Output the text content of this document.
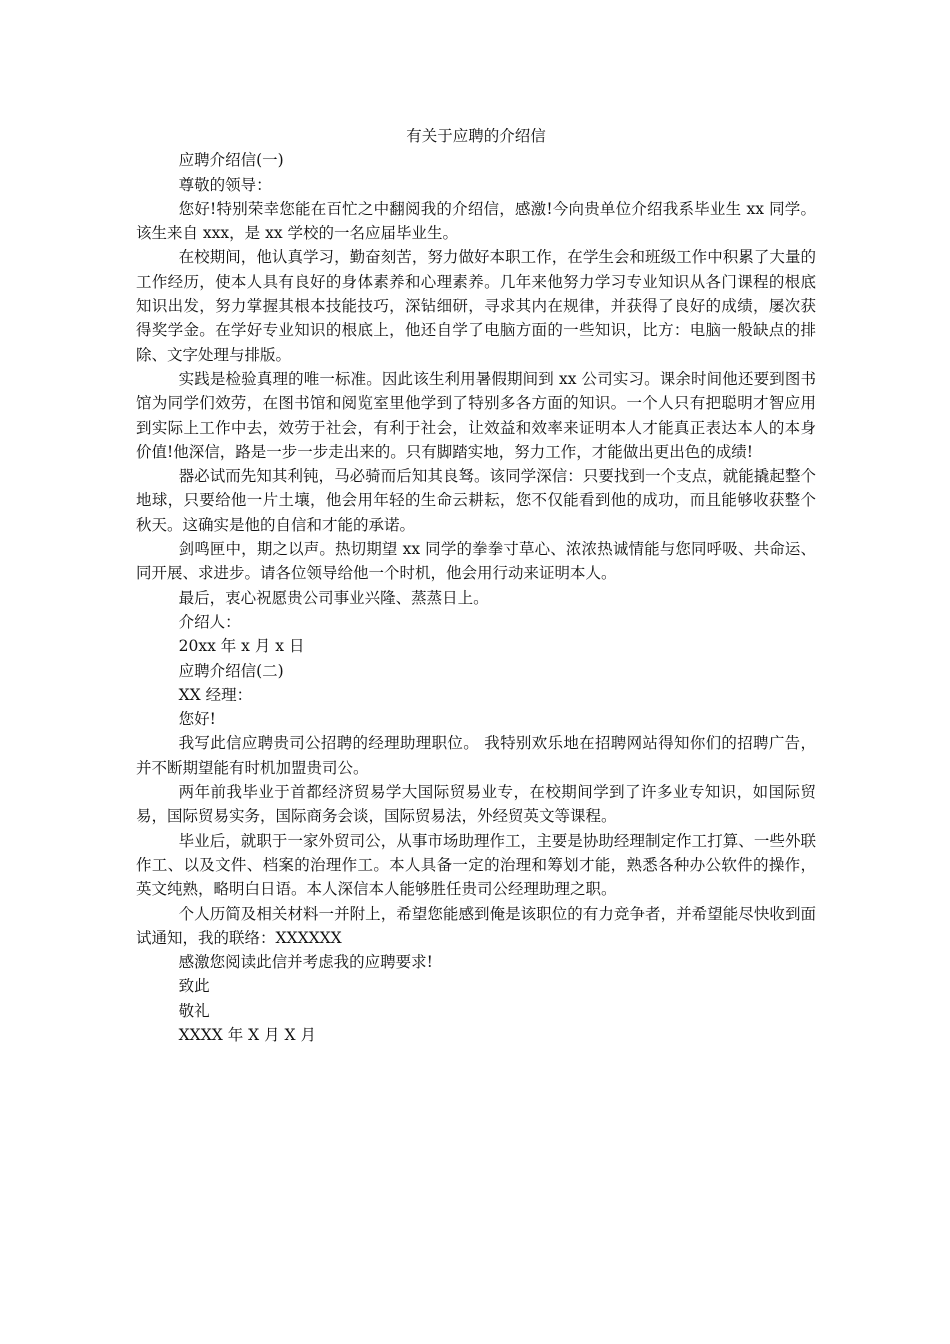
有关于应聘的介绍信

应聘介绍信(一)

尊敬的领导：

您好!特别荣幸您能在百忙之中翻阅我的介绍信，感激!今向贵单位介绍我系毕业生 xx 同学。该生来自 xxx，是 xx 学校的一名应届毕业生。

在校期间，他认真学习，勤奋刻苦，努力做好本职工作，在学生会和班级工作中积累了大量的工作经历，使本人具有良好的身体素养和心理素养。几年来他努力学习专业知识从各门课程的根底知识出发，努力掌握其根本技能技巧，深钻细研，寻求其内在规律，并获得了良好的成绩，屡次获得奖学金。在学好专业知识的根底上，他还自学了电脑方面的一些知识，比方：电脑一般缺点的排除、文字处理与排版。

实践是检验真理的唯一标准。因此该生利用暑假期间到 xx 公司实习。课余时间他还要到图书馆为同学们效劳，在图书馆和阅览室里他学到了特别多各方面的知识。一个人只有把聪明才智应用到实际上工作中去，效劳于社会，有利于社会，让效益和效率来证明本人才能真正表达本人的本身价值!他深信，路是一步一步走出来的。只有脚踏实地，努力工作，才能做出更出色的成绩!

器必试而先知其利钝，马必骑而后知其良驽。该同学深信：只要找到一个支点，就能撬起整个地球，只要给他一片土壤，他会用年轻的生命云耕耘，您不仅能看到他的成功，而且能够收获整个秋天。这确实是他的自信和才能的承诺。

剑鸣匣中，期之以声。热切期望 xx 同学的拳拳寸草心、浓浓热诚情能与您同呼吸、共命运、同开展、求进步。请各位领导给他一个时机，他会用行动来证明本人。

最后，衷心祝愿贵公司事业兴隆、蒸蒸日上。

介绍人：

20xx 年 x 月 x 日

应聘介绍信(二)

XX 经理：

您好!

我写此信应聘贵司公招聘的经理助理职位。 我特别欢乐地在招聘网站得知你们的招聘广告，并不断期望能有时机加盟贵司公。

两年前我毕业于首都经济贸易学大国际贸易业专，在校期间学到了许多业专知识，如国际贸易，国际贸易实务，国际商务会谈，国际贸易法，外经贸英文等课程。

毕业后，就职于一家外贸司公，从事市场助理作工，主要是协助经理制定作工打算、一些外联作工、以及文件、档案的治理作工。本人具备一定的治理和筹划才能，熟悉各种办公软件的操作，英文纯熟，略明白日语。本人深信本人能够胜任贵司公经理助理之职。

个人历简及相关材料一并附上，希望您能感到俺是该职位的有力竞争者，并希望能尽快收到面试通知，我的联络：XXXXXX

感激您阅读此信并考虑我的应聘要求!

致此

敬礼

XXXX 年 X 月 X 月
